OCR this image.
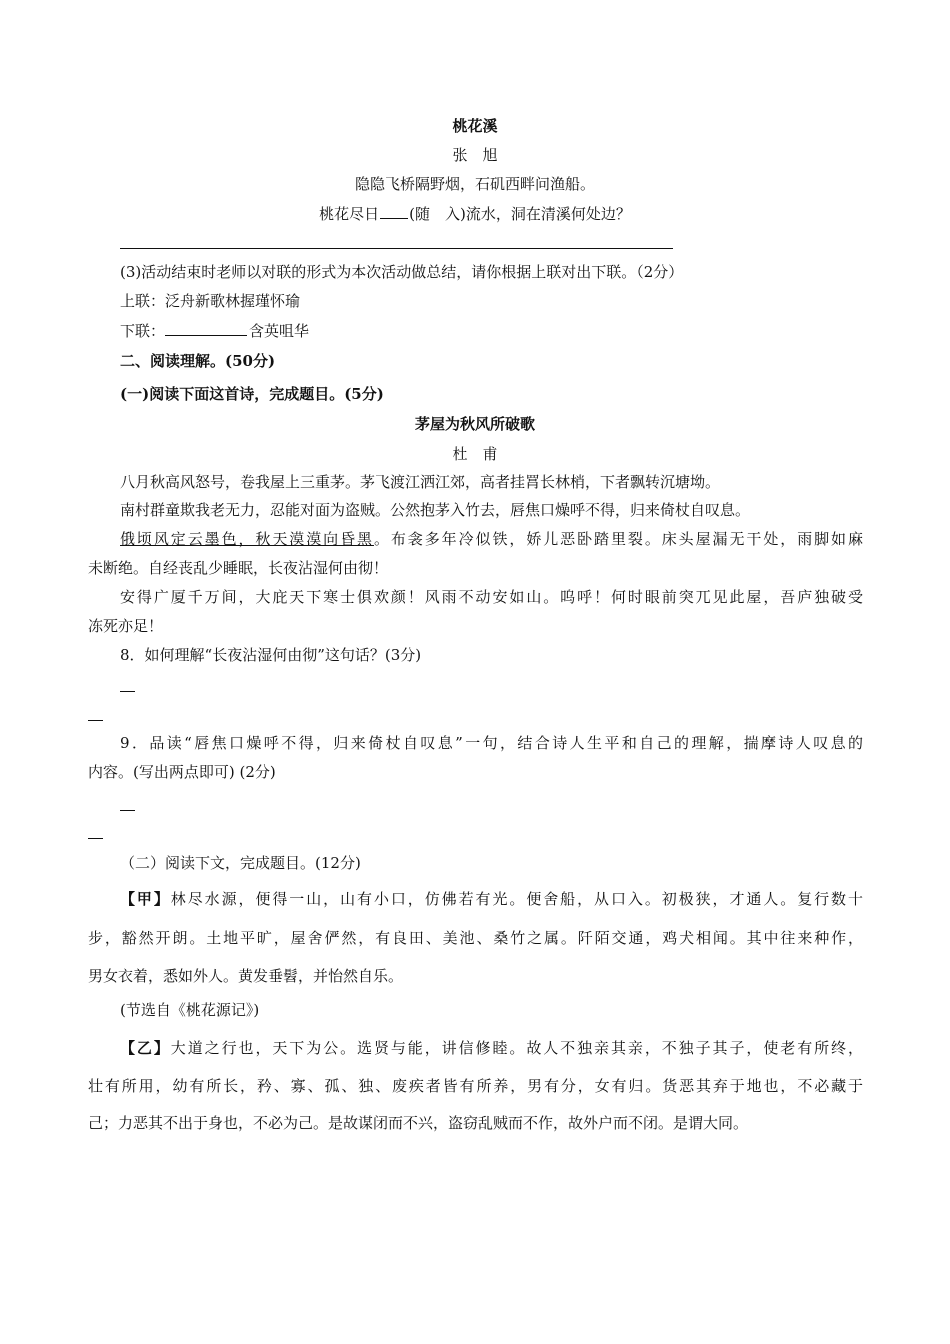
桃花溪
张　旭
隐隐飞桥隔野烟，石矶西畔问渔船。
桃花尽日 (随　入)流水，洞在清溪何处边？
(3)活动结束时老师以对联的形式为本次活动做总结，请你根据上联对出下联。（2分）
上联：泛舟新歌林握瑾怀瑜
下联：	含英咀华
二、阅读理解。(50分)
(一)阅读下面这首诗，完成题目。(5分)
茅屋为秋风所破歌
杜　甫
八月秋高风怒号，卷我屋上三重茅。茅飞渡江洒江郊，高者挂罥长林梢，下者飘转沉塘坳。
南村群童欺我老无力，忍能对面为盗贼。公然抱茅入竹去，唇焦口燥呼不得，归来倚杖自叹息。
俄顷风定云墨色，秋天漠漠向昏黑。布衾多年冷似铁，娇儿恶卧踏里裂。床头屋漏无干处，雨脚如麻
未断绝。自经丧乱少睡眠，长夜沾湿何由彻！
安得广厦千万间，大庇天下寒士俱欢颜！风雨不动安如山。呜呼！何时眼前突兀见此屋，吾庐独破受
冻死亦足！
8．如何理解“长夜沾湿何由彻”这句话？(3分)
9．品读“唇焦口燥呼不得，归来倚杖自叹息”一句，结合诗人生平和自己的理解，揣摩诗人叹息的
内容。(写出两点即可) (2分)
（二）阅读下文，完成题目。(12分)
【甲】林尽水源，便得一山，山有小口，仿佛若有光。便舍船，从口入。初极狭，才通人。复行数十
步，豁然开朗。土地平旷，屋舍俨然，有良田、美池、桑竹之属。阡陌交通，鸡犬相闻。其中往来种作，
男女衣着，悉如外人。黄发垂髫，并怡然自乐。
(节选自《桃花源记》)
【乙】大道之行也，天下为公。选贤与能，讲信修睦。故人不独亲其亲，不独子其子，使老有所终，
壮有所用，幼有所长，矜、寡、孤、独、废疾者皆有所养，男有分，女有归。货恶其弃于地也，不必藏于
己；力恶其不出于身也，不必为己。是故谋闭而不兴，盗窃乱贼而不作，故外户而不闭。是谓大同。
